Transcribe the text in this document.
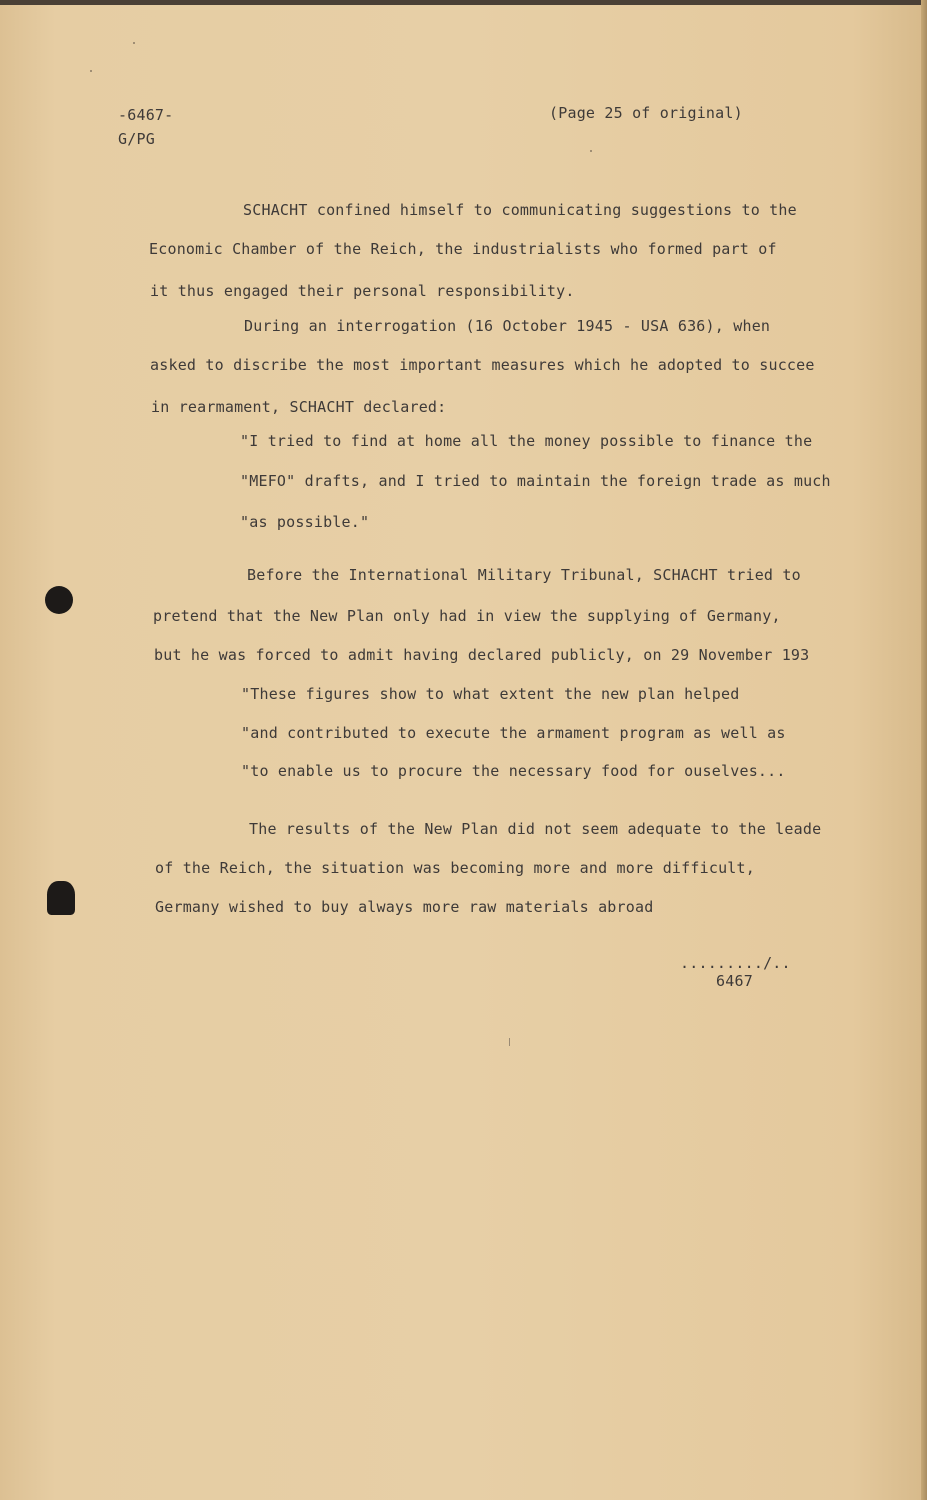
-6467-
G/PG
(Page 25 of original)
SCHACHT confined himself to communicating suggestions to the
Economic Chamber of the Reich, the industrialists who formed part of
it thus engaged their personal responsibility.
During an interrogation (16 October 1945 - USA 636), when
asked to discribe the most important measures which he adopted to succee
in rearmament, SCHACHT declared:
"I tried to find at home all the money possible to finance the
"MEFO" drafts, and I tried to maintain the foreign trade as much
"as possible."
Before the International Military Tribunal, SCHACHT tried to
pretend that the New Plan only had in view the supplying of Germany,
but he was forced to admit having declared publicly, on 29 November 193
"These figures show to what extent the new plan helped
"and contributed to execute the armament program as well as
"to enable us to procure the necessary food for ouselves...
The results of the New Plan did not seem adequate to the leade
of the Reich, the situation was becoming more and more difficult,
Germany wished to buy always more raw materials abroad
........./..
6467
